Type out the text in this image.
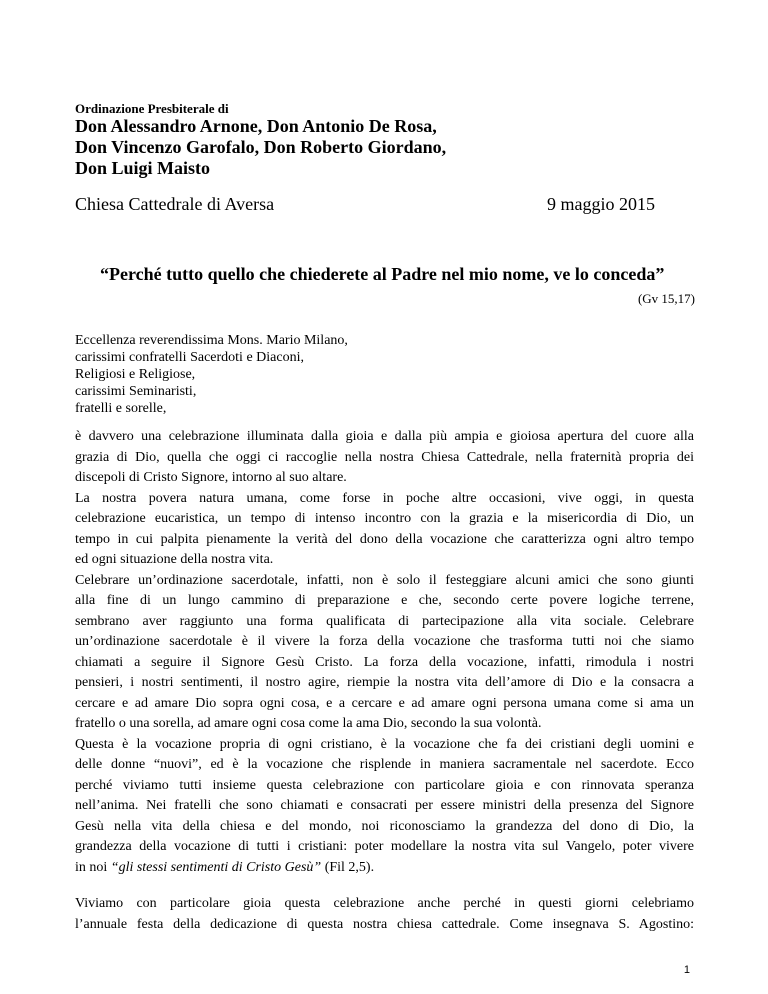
Ordinazione Presbiterale di
Don Alessandro Arnone, Don Antonio De Rosa,
Don Vincenzo Garofalo, Don Roberto Giordano,
Don Luigi Maisto
Chiesa Cattedrale di Aversa	9 maggio 2015
“Perché tutto quello che chiederete al Padre nel mio nome, ve lo conceda”
(Gv 15,17)
Eccellenza reverendissima Mons. Mario Milano,
carissimi confratelli Sacerdoti e Diaconi,
Religiosi e Religiose,
carissimi Seminaristi,
fratelli e sorelle,

è davvero una celebrazione illuminata dalla gioia e dalla più ampia e gioiosa apertura del cuore alla
grazia di Dio, quella che oggi ci raccoglie nella nostra Chiesa Cattedrale, nella fraternità propria dei
discepoli di Cristo Signore, intorno al suo altare.

La nostra povera natura umana, come forse in poche altre occasioni, vive oggi, in questa
celebrazione eucaristica, un tempo di intenso incontro con la grazia e la misericordia di Dio, un
tempo in cui palpita pienamente la verità del dono della vocazione che caratterizza ogni altro tempo
ed ogni situazione della nostra vita.

Celebrare un’ordinazione sacerdotale, infatti, non è solo il festeggiare alcuni amici che sono giunti
alla fine di un lungo cammino di preparazione e che, secondo certe povere logiche terrene,
sembrano aver raggiunto una forma qualificata di partecipazione alla vita sociale. Celebrare
un’ordinazione sacerdotale è il vivere la forza della vocazione che trasforma tutti noi che siamo
chiamati a seguire il Signore Gesù Cristo. La forza della vocazione, infatti, rimodula i nostri
pensieri, i nostri sentimenti, il nostro agire, riempie la nostra vita dell’amore di Dio e la consacra a
cercare e ad amare Dio sopra ogni cosa, e a cercare e ad amare ogni persona umana come si ama un
fratello o una sorella, ad amare ogni cosa come la ama Dio, secondo la sua volontà.

Questa è la vocazione propria di ogni cristiano, è la vocazione che fa dei cristiani degli uomini e
delle donne “nuovi”, ed è la vocazione che risplende in maniera sacramentale nel sacerdote. Ecco
perché viviamo tutti insieme questa celebrazione con particolare gioia e con rinnovata speranza
nell’anima. Nei fratelli che sono chiamati e consacrati per essere ministri della presenza del Signore
Gesù nella vita della chiesa e del mondo, noi riconosciamo la grandezza del dono di Dio, la
grandezza della vocazione di tutti i cristiani: poter modellare la nostra vita sul Vangelo, poter vivere
in noi “gli stessi sentimenti di Cristo Gesù” (Fil 2,5).

Viviamo con particolare gioia questa celebrazione anche perché in questi giorni celebriamo
l’annuale festa della dedicazione di questa nostra chiesa cattedrale. Come insegnava S. Agostino:

1
